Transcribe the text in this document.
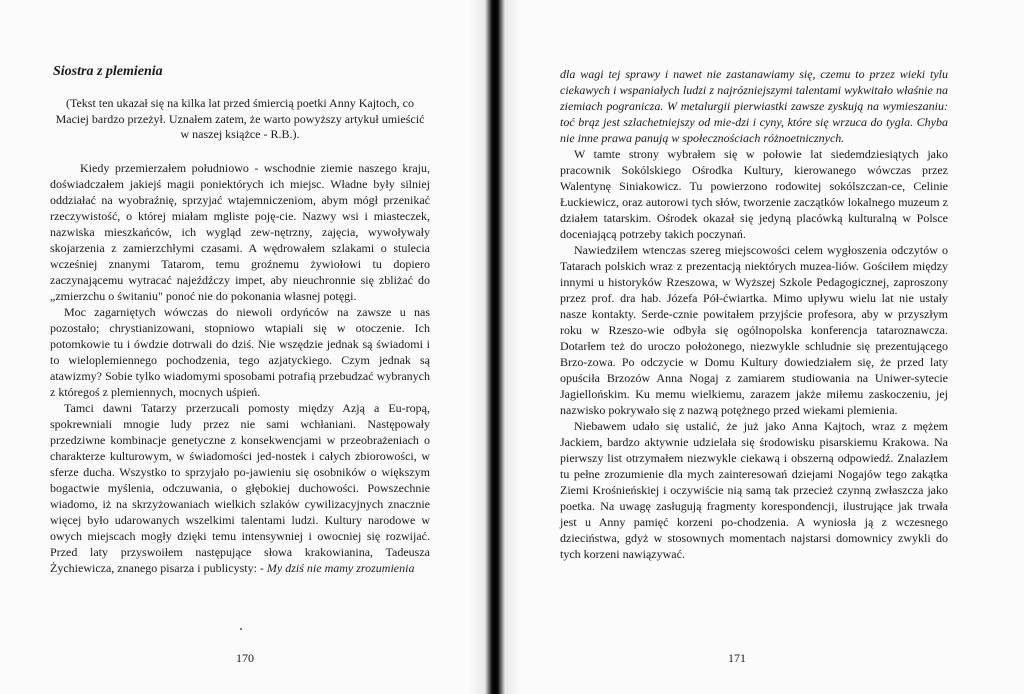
Siostra z plemienia

(Tekst ten ukazał się na kilka lat przed śmiercią poetki Anny Kajtoch, co Maciej bardzo przeżył. Uznałem zatem, że warto powyższy artykuł umieścić w naszej książce - R.B.).

Kiedy przemierzałem południowo - wschodnie ziemie naszego kraju, doświadczałem jakiejś magii poniektórych ich miejsc. Władne były silniej oddziałać na wyobraźnię, sprzyjać wtajemniczeniom, abym mógł przenikać rzeczywistość, o której miałam mgliste poję-cie. Nazwy wsi i miasteczek, nazwiska mieszkańców, ich wygląd zew-nętrzny, zajęcia, wywoływały skojarzenia z zamierzchłymi czasami. A wędrowałem szlakami o stulecia wcześniej znanymi Tatarom, temu groźnemu żywiołowi tu dopiero zaczynającemu wytracać najeźdźczy impet, aby nieuchronnie się zbliżać do „zmierzchu o świtaniu" ponoć nie do pokonania własnej potęgi.

Moc zagarniętych wówczas do niewoli ordyńców na zawsze u nas pozostało; chrystianizowani, stopniowo wtapiali się w otoczenie. Ich potomkowie tu i ówdzie dotrwali do dziś. Nie wszędzie jednak są świadomi i to wieloplemiennego pochodzenia, tego azjatyckiego. Czym jednak są atawizmy? Sobie tylko wiadomymi sposobami potrafią przebudzać wybranych z któregoś z plemiennych, mocnych uśpień.

Tamci dawni Tatarzy przerzucali pomosty między Azją a Eu-ropą, spokrewniali mnogie ludy przez nie sami wchłaniani. Następowały przedziwne kombinacje genetyczne z konsekwencjami w przeobrażeniach o charakterze kulturowym, w świadomości jed-nostek i całych zbiorowości, w sferze ducha. Wszystko to sprzyjało po-jawieniu się osobników o większym bogactwie myślenia, odczuwania, o głębokiej duchowości. Powszechnie wiadomo, iż na skrzyżowaniach wielkich szlaków cywilizacyjnych znacznie więcej było udarowanych wszelkimi talentami ludzi. Kultury narodowe w owych miejscach mogły dzięki temu intensywniej i owocniej się rozwijać. Przed laty przyswoiłem następujące słowa krakowianina, Tadeusza Żychiewicza, znanego pisarza i publicysty: - My dziś nie mamy zrozumienia

170

dla wagi tej sprawy i nawet nie zastanawiamy się, czemu to przez wieki tylu ciekawych i wspaniałych ludzi z najrózniejszymi talentami wykwitało właśnie na ziemiach pogranicza. W metalurgii pierwiastki zawsze zyskują na wymieszaniu: toć brąz jest szlachetniejszy od mie-dzi i cyny, które się wrzuca do tygla. Chyba nie inne prawa panują w społecznościach różnoetnicznych.

W tamte strony wybrałem się w połowie lat siedemdziesiątych jako pracownik Sokólskiego Ośrodka Kultury, kierowanego wówczas przez Walentynę Siniakowicz. Tu powierzono rodowitej sokólszczan-ce, Celinie Łuckiewicz, oraz autorowi tych słów, tworzenie zaczątków lokalnego muzeum z działem tatarskim. Ośrodek okazał się jedyną placówką kulturalną w Polsce doceniającą potrzeby takich poczynań.

Nawiedziłem wtenczas szereg miejscowości celem wygłoszenia odczytów o Tatarach polskich wraz z prezentacją niektórych muzea-liów. Gościłem między innymi u historyków Rzeszowa, w Wyższej Szkole Pedagogicznej, zaproszony przez prof. dra hab. Józefa Pół-ćwiartka. Mimo upływu wielu lat nie ustały nasze kontakty. Serde-cznie powitałem przyjście profesora, aby w przyszłym roku w Rzeszo-wie odbyła się ogólnopolska konferencja tataroznawcza. Dotarłem też do uroczo położonego, niezwykle schludnie się prezentującego Brzo-zowa. Po odczycie w Domu Kultury dowiedziałem się, że przed laty opuściła Brzozów Anna Nogaj z zamiarem studiowania na Uniwer-sytecie Jagiellońskim. Ku memu wielkiemu, zarazem jakże miłemu zaskoczeniu, jej nazwisko pokrywało się z nazwą potężnego przed wiekami plemienia.

Niebawem udało się ustalić, że już jako Anna Kajtoch, wraz z mężem Jackiem, bardzo aktywnie udzielała się środowisku pisarskiemu Krakowa. Na pierwszy list otrzymałem niezwykle ciekawą i obszerną odpowiedź. Znalazłem tu pełne zrozumienie dla mych zainteresowań dziejami Nogajów tego zakątka Ziemi Krośnieńskiej i oczywiście nią samą tak przecież czynną zwłaszcza jako poetka. Na uwagę zasługują fragmenty korespondencji, ilustrujące jak trwała jest u Anny pamięć korzeni po-chodzenia. A wyniosła ją z wczesnego dzieciństwa, gdyż w stosownych momentach najstarsi domownicy zwykli do tych korzeni nawiązywać.

171
